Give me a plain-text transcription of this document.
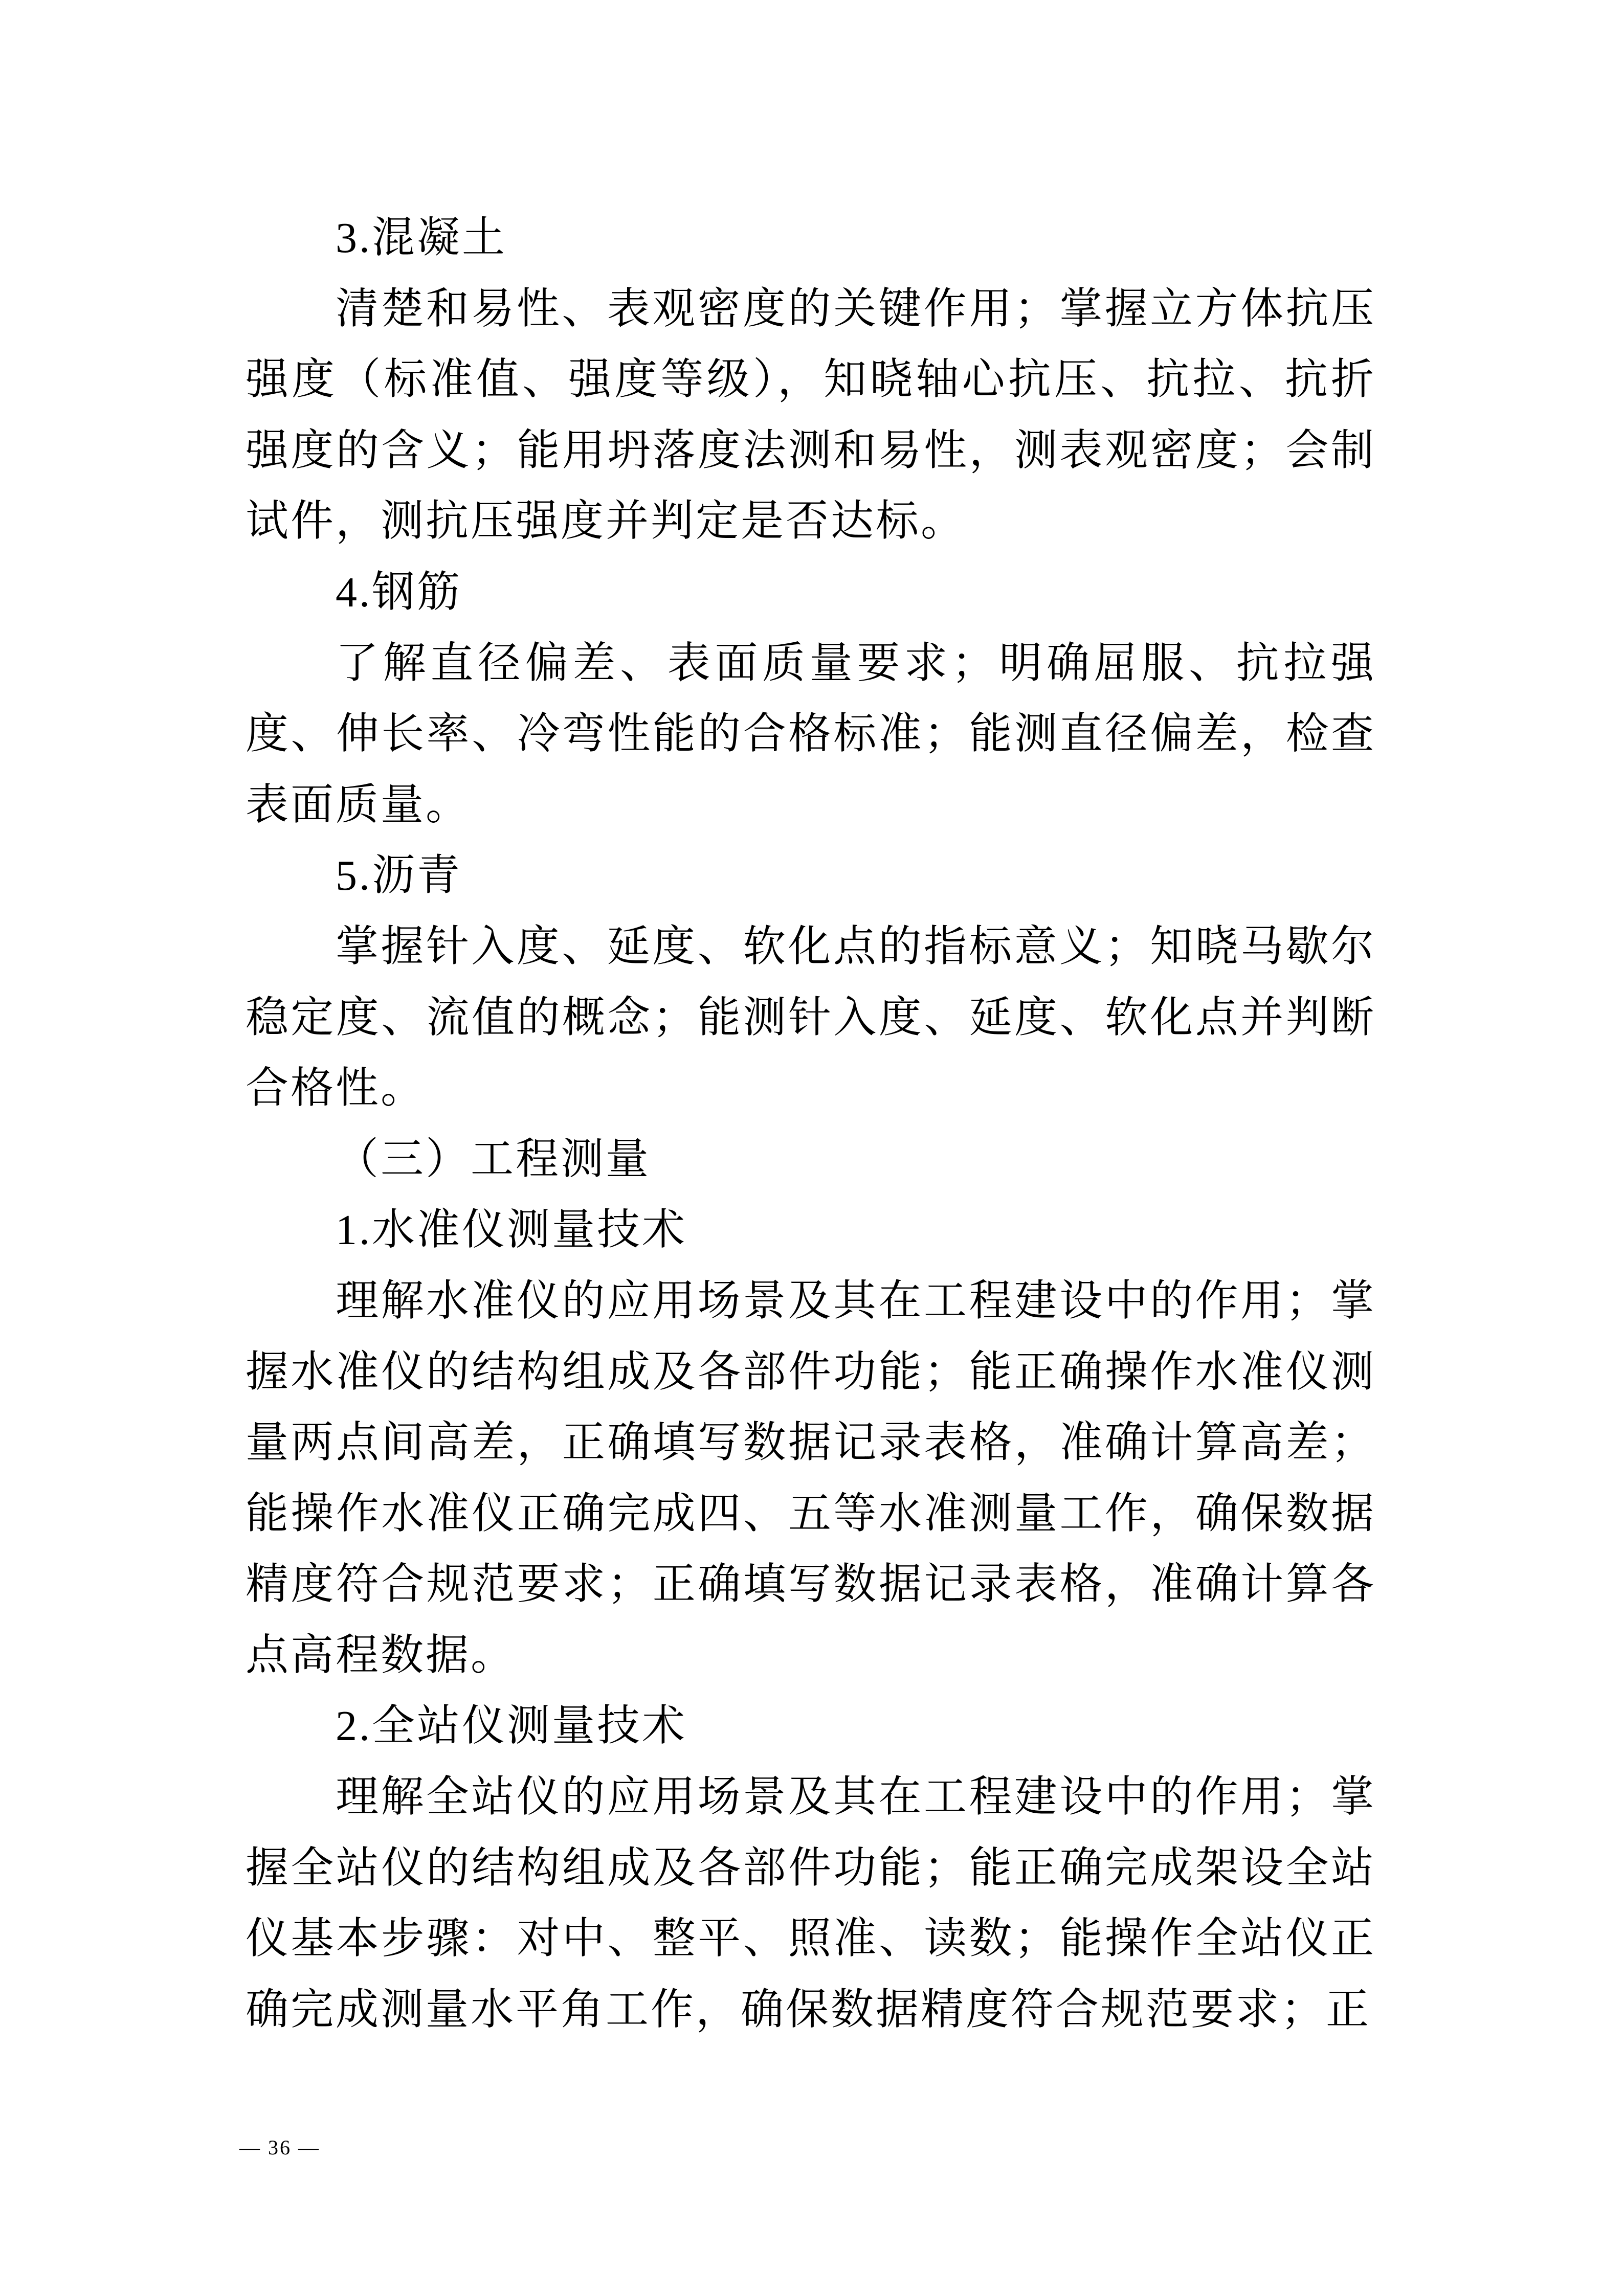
3.混凝土

清楚和易性、表观密度的关键作用；掌握立方体抗压强度（标准值、强度等级），知晓轴心抗压、抗拉、抗折强度的含义；能用坍落度法测和易性，测表观密度；会制试件，测抗压强度并判定是否达标。

4.钢筋

了解直径偏差、表面质量要求；明确屈服、抗拉强度、伸长率、冷弯性能的合格标准；能测直径偏差，检查表面质量。

5.沥青

掌握针入度、延度、软化点的指标意义；知晓马歇尔稳定度、流值的概念；能测针入度、延度、软化点并判断合格性。

（三）工程测量

1.水准仪测量技术

理解水准仪的应用场景及其在工程建设中的作用；掌握水准仪的结构组成及各部件功能；能正确操作水准仪测量两点间高差，正确填写数据记录表格，准确计算高差；能操作水准仪正确完成四、五等水准测量工作，确保数据精度符合规范要求；正确填写数据记录表格，准确计算各点高程数据。

2.全站仪测量技术

理解全站仪的应用场景及其在工程建设中的作用；掌握全站仪的结构组成及各部件功能；能正确完成架设全站仪基本步骤：对中、整平、照准、读数；能操作全站仪正确完成测量水平角工作，确保数据精度符合规范要求；正

— 36 —
